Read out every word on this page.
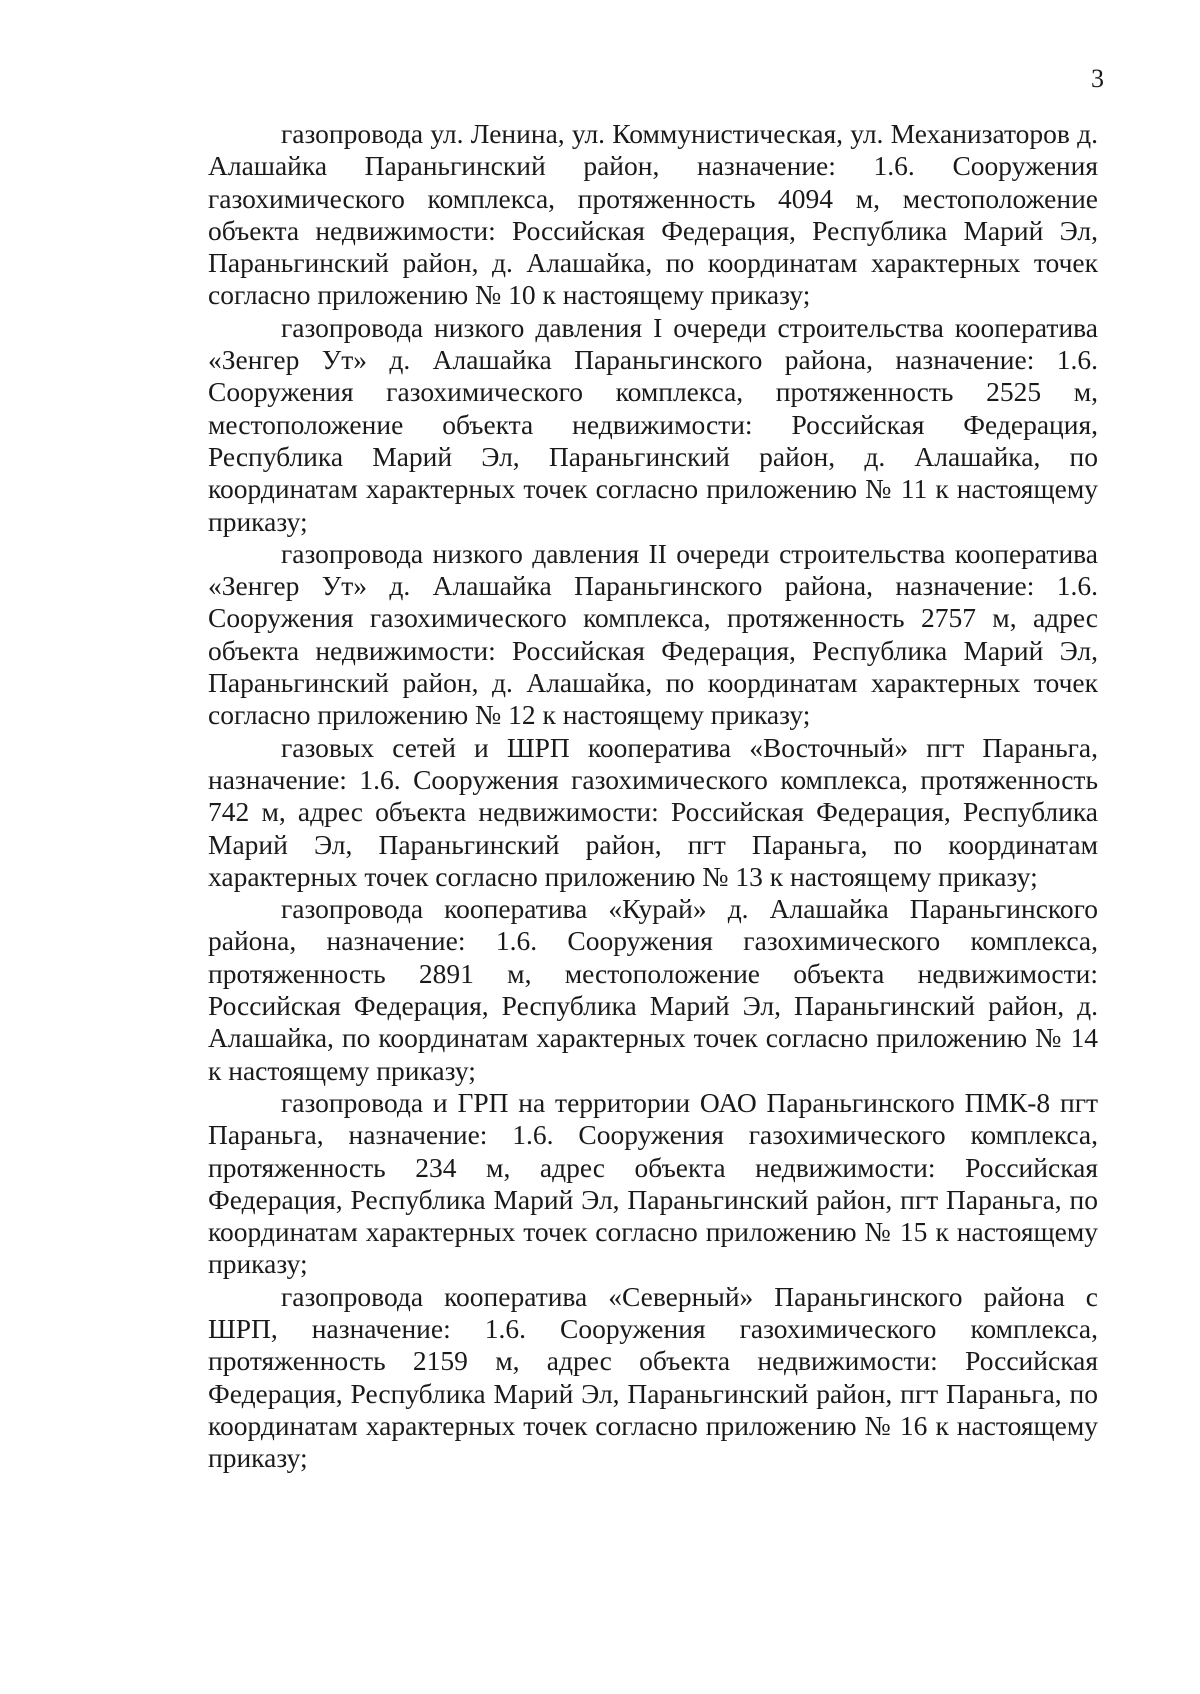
3

газопровода ул. Ленина, ул. Коммунистическая, ул. Механизаторов д. Алашайка Параньгинский район, назначение: 1.6. Сооружения газохимического комплекса, протяженность 4094 м, местоположение объекта недвижимости: Российская Федерация, Республика Марий Эл, Параньгинский район, д. Алашайка, по координатам характерных точек согласно приложению № 10 к настоящему приказу;

газопровода низкого давления I очереди строительства кооператива «Зенгер Ут» д. Алашайка Параньгинского района, назначение: 1.6. Сооружения газохимического комплекса, протяженность 2525 м, местоположение объекта недвижимости: Российская Федерация, Республика Марий Эл, Параньгинский район, д. Алашайка, по координатам характерных точек согласно приложению № 11 к настоящему приказу;

газопровода низкого давления II очереди строительства кооператива «Зенгер Ут» д. Алашайка Параньгинского района, назначение: 1.6. Сооружения газохимического комплекса, протяженность 2757 м, адрес объекта недвижимости: Российская Федерация, Республика Марий Эл, Параньгинский район, д. Алашайка, по координатам характерных точек согласно приложению № 12 к настоящему приказу;

газовых сетей и ШРП кооператива «Восточный» пгт Параньга, назначение: 1.6. Сооружения газохимического комплекса, протяженность 742 м, адрес объекта недвижимости: Российская Федерация, Республика Марий Эл, Параньгинский район, пгт Параньга, по координатам характерных точек согласно приложению № 13 к настоящему приказу;

газопровода кооператива «Курай» д. Алашайка Параньгинского района, назначение: 1.6. Сооружения газохимического комплекса, протяженность 2891 м, местоположение объекта недвижимости: Российская Федерация, Республика Марий Эл, Параньгинский район, д. Алашайка, по координатам характерных точек согласно приложению № 14 к настоящему приказу;

газопровода и ГРП на территории ОАО Параньгинского ПМК-8 пгт Параньга, назначение: 1.6. Сооружения газохимического комплекса, протяженность 234 м, адрес объекта недвижимости: Российская Федерация, Республика Марий Эл, Параньгинский район, пгт Параньга, по координатам характерных точек согласно приложению № 15 к настоящему приказу;

газопровода кооператива «Северный» Параньгинского района с ШРП, назначение: 1.6. Сооружения газохимического комплекса, протяженность 2159 м, адрес объекта недвижимости: Российская Федерация, Республика Марий Эл, Параньгинский район, пгт Параньга, по координатам характерных точек согласно приложению № 16 к настоящему приказу;
